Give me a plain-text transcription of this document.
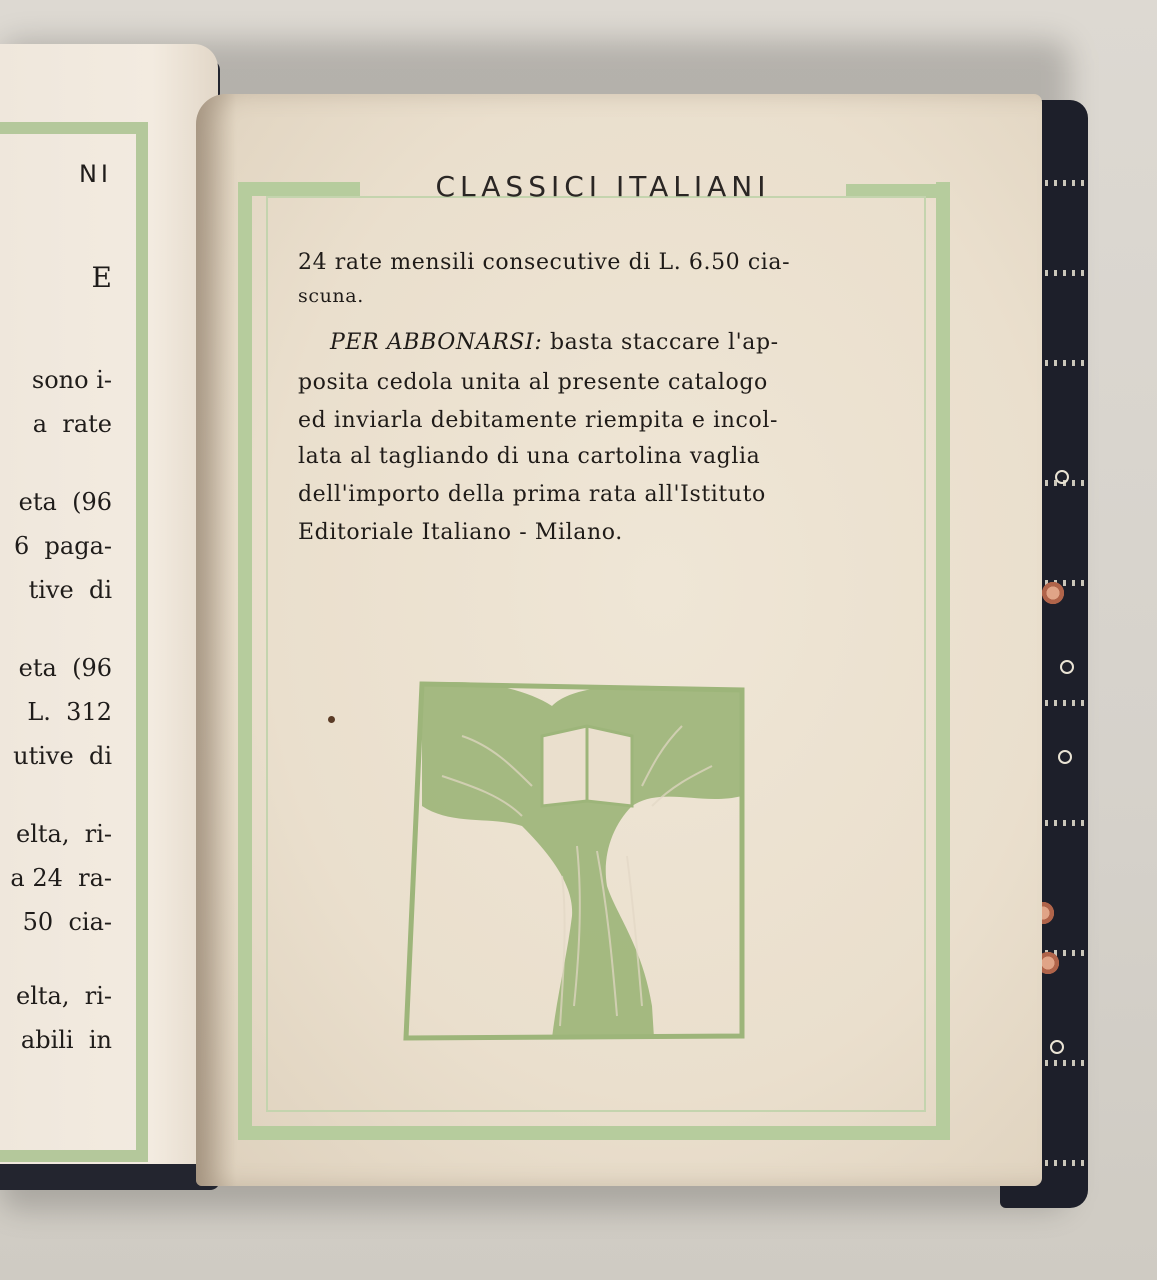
NI
E
sono i-
a  rate
eta  (96
6  paga-
tive  di
eta  (96
L.  312
utive  di
elta,  ri-
a 24  ra-
50  cia-
elta,  ri-
abili  in
CLASSICI ITALIANI
24 rate mensili consecutive di L. 6.50 cia-
scuna.
PER ABBONARSI: basta staccare l'ap-
posita cedola unita al presente catalogo
ed inviarla debitamente riempita e incol-
lata al tagliando di una cartolina vaglia
dell'importo della prima rata all'Istituto
Editoriale Italiano - Milano.
